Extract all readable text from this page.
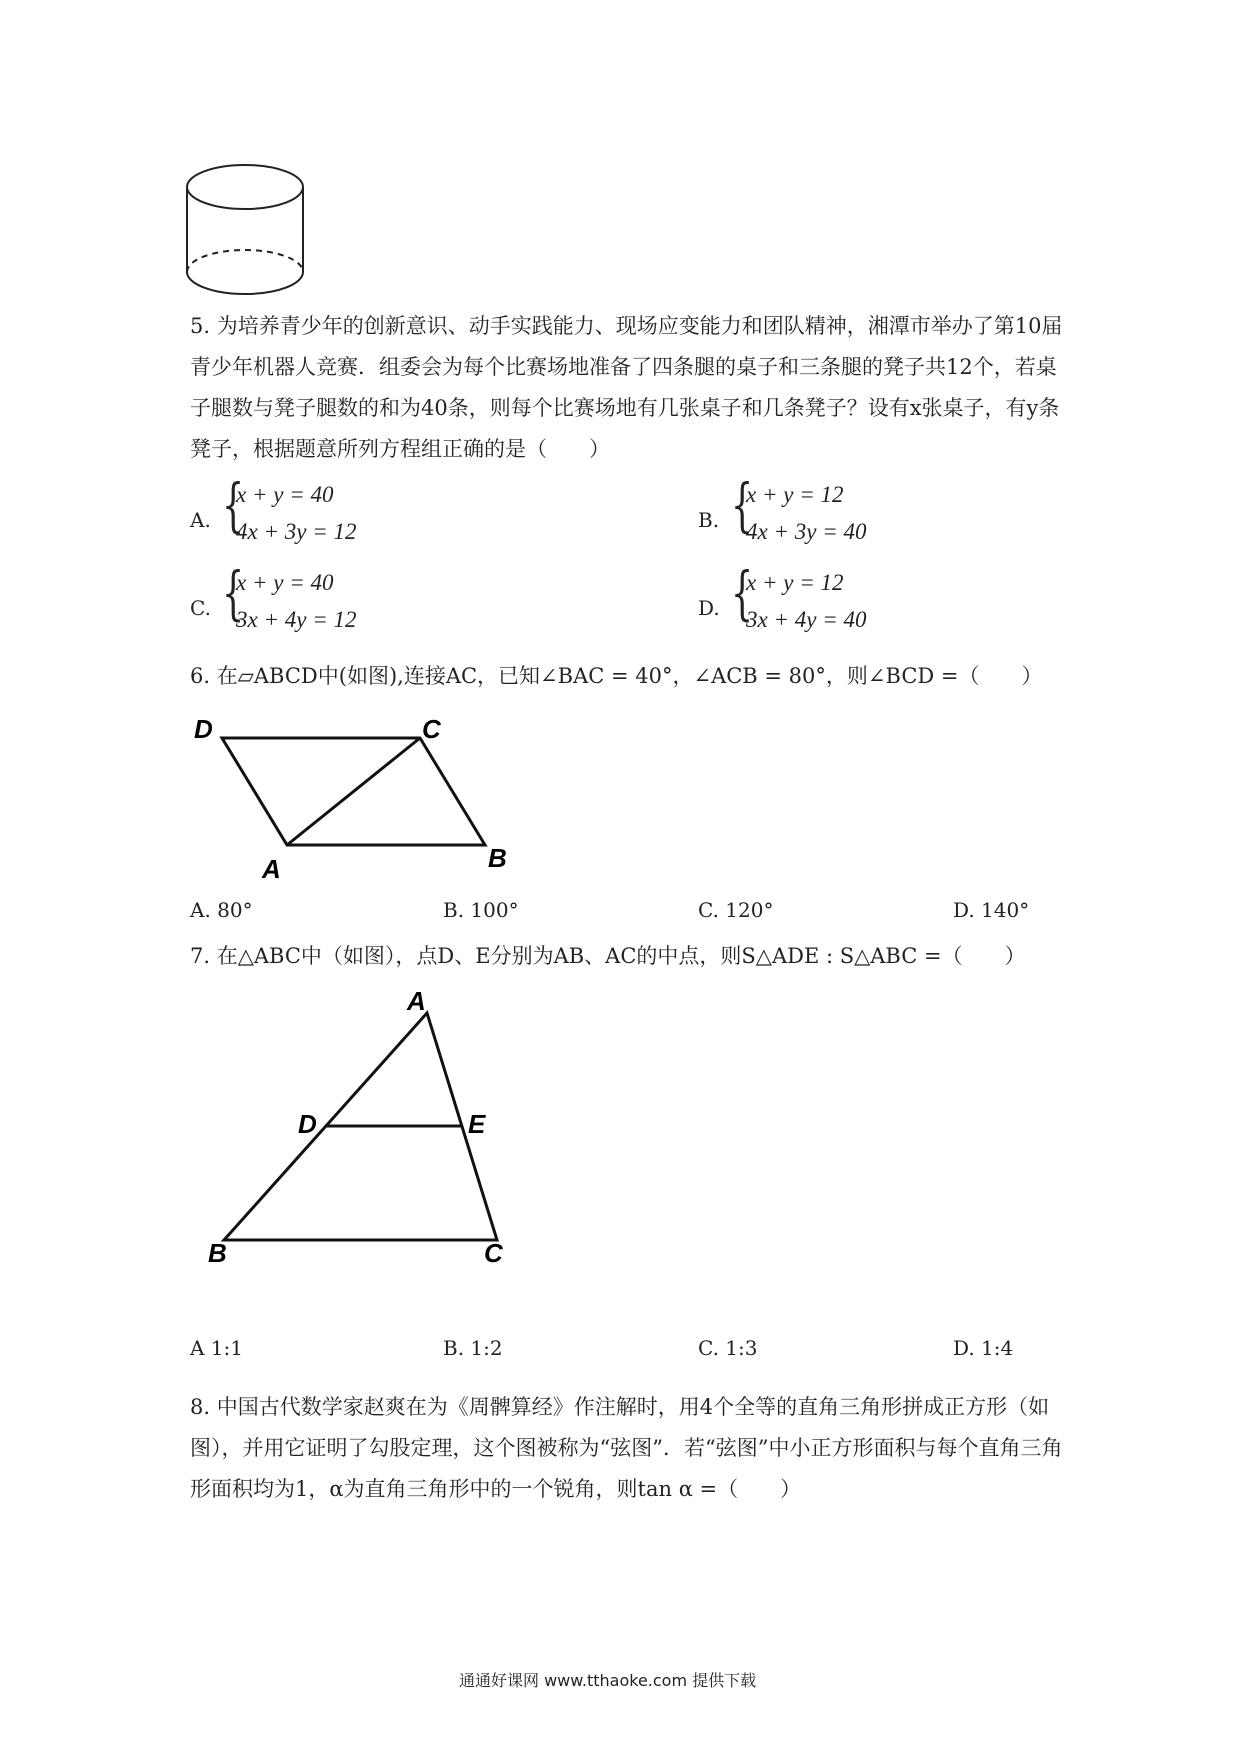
5. 为培养青少年的创新意识、动手实践能力、现场应变能力和团队精神，湘潭市举办了第10届青少年机器人竞赛．组委会为每个比赛场地准备了四条腿的桌子和三条腿的凳子共12个，若桌子腿数与凳子腿数的和为40条，则每个比赛场地有几张桌子和几条凳子？设有x张桌子，有y条凳子，根据题意所列方程组正确的是（　　）
A. {
x + y = 40
4x + 3y = 12	B. {
x + y = 12
4x + 3y = 40
C. {
x + y = 40
3x + 4y = 12	D. {
x + y = 12
3x + 4y = 40
6. 在▱ABCD中(如图),连接AC，已知∠BAC = 40°，∠ACB = 80°，则∠BCD =（　　）
D	C
A	B
A. 80°	B. 100°	C. 120°	D. 140°
7. 在△ABC中（如图），点D、E分别为AB、AC的中点，则S△ADE : S△ABC =（　　）
A
D	E
B	C
A 1:1	B. 1:2	C. 1:3	D. 1:4
8. 中国古代数学家赵爽在为《周髀算经》作注解时，用4个全等的直角三角形拼成正方形（如图），并用它证明了勾股定理，这个图被称为“弦图”．若“弦图”中小正方形面积与每个直角三角形面积均为1，α为直角三角形中的一个锐角，则tan α =（　　）
通通好课网 www.tthaoke.com 提供下载
